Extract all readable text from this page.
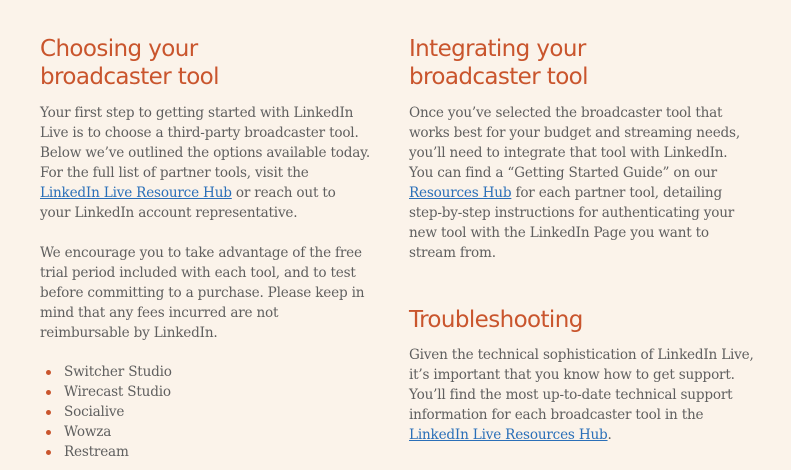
Choosing your
broadcaster tool

Your first step to getting started with LinkedIn Live is to choose a third-party broadcaster tool. Below we’ve outlined the options available today. For the full list of partner tools, visit the LinkedIn Live Resource Hub or reach out to your LinkedIn account representative.

We encourage you to take advantage of the free trial period included with each tool, and to test before committing to a purchase. Please keep in mind that any fees incurred are not reimbursable by LinkedIn.

Switcher Studio
Wirecast Studio
Socialive
Wowza
Restream
Integrating your
broadcaster tool

Once you’ve selected the broadcaster tool that works best for your budget and streaming needs, you’ll need to integrate that tool with LinkedIn. You can find a “Getting Started Guide” on our Resources Hub for each partner tool, detailing step-by-step instructions for authenticating your new tool with the LinkedIn Page you want to stream from.

Troubleshooting

Given the technical sophistication of LinkedIn Live, it’s important that you know how to get support. You’ll find the most up-to-date technical support information for each broadcaster tool in the LinkedIn Live Resources Hub.
